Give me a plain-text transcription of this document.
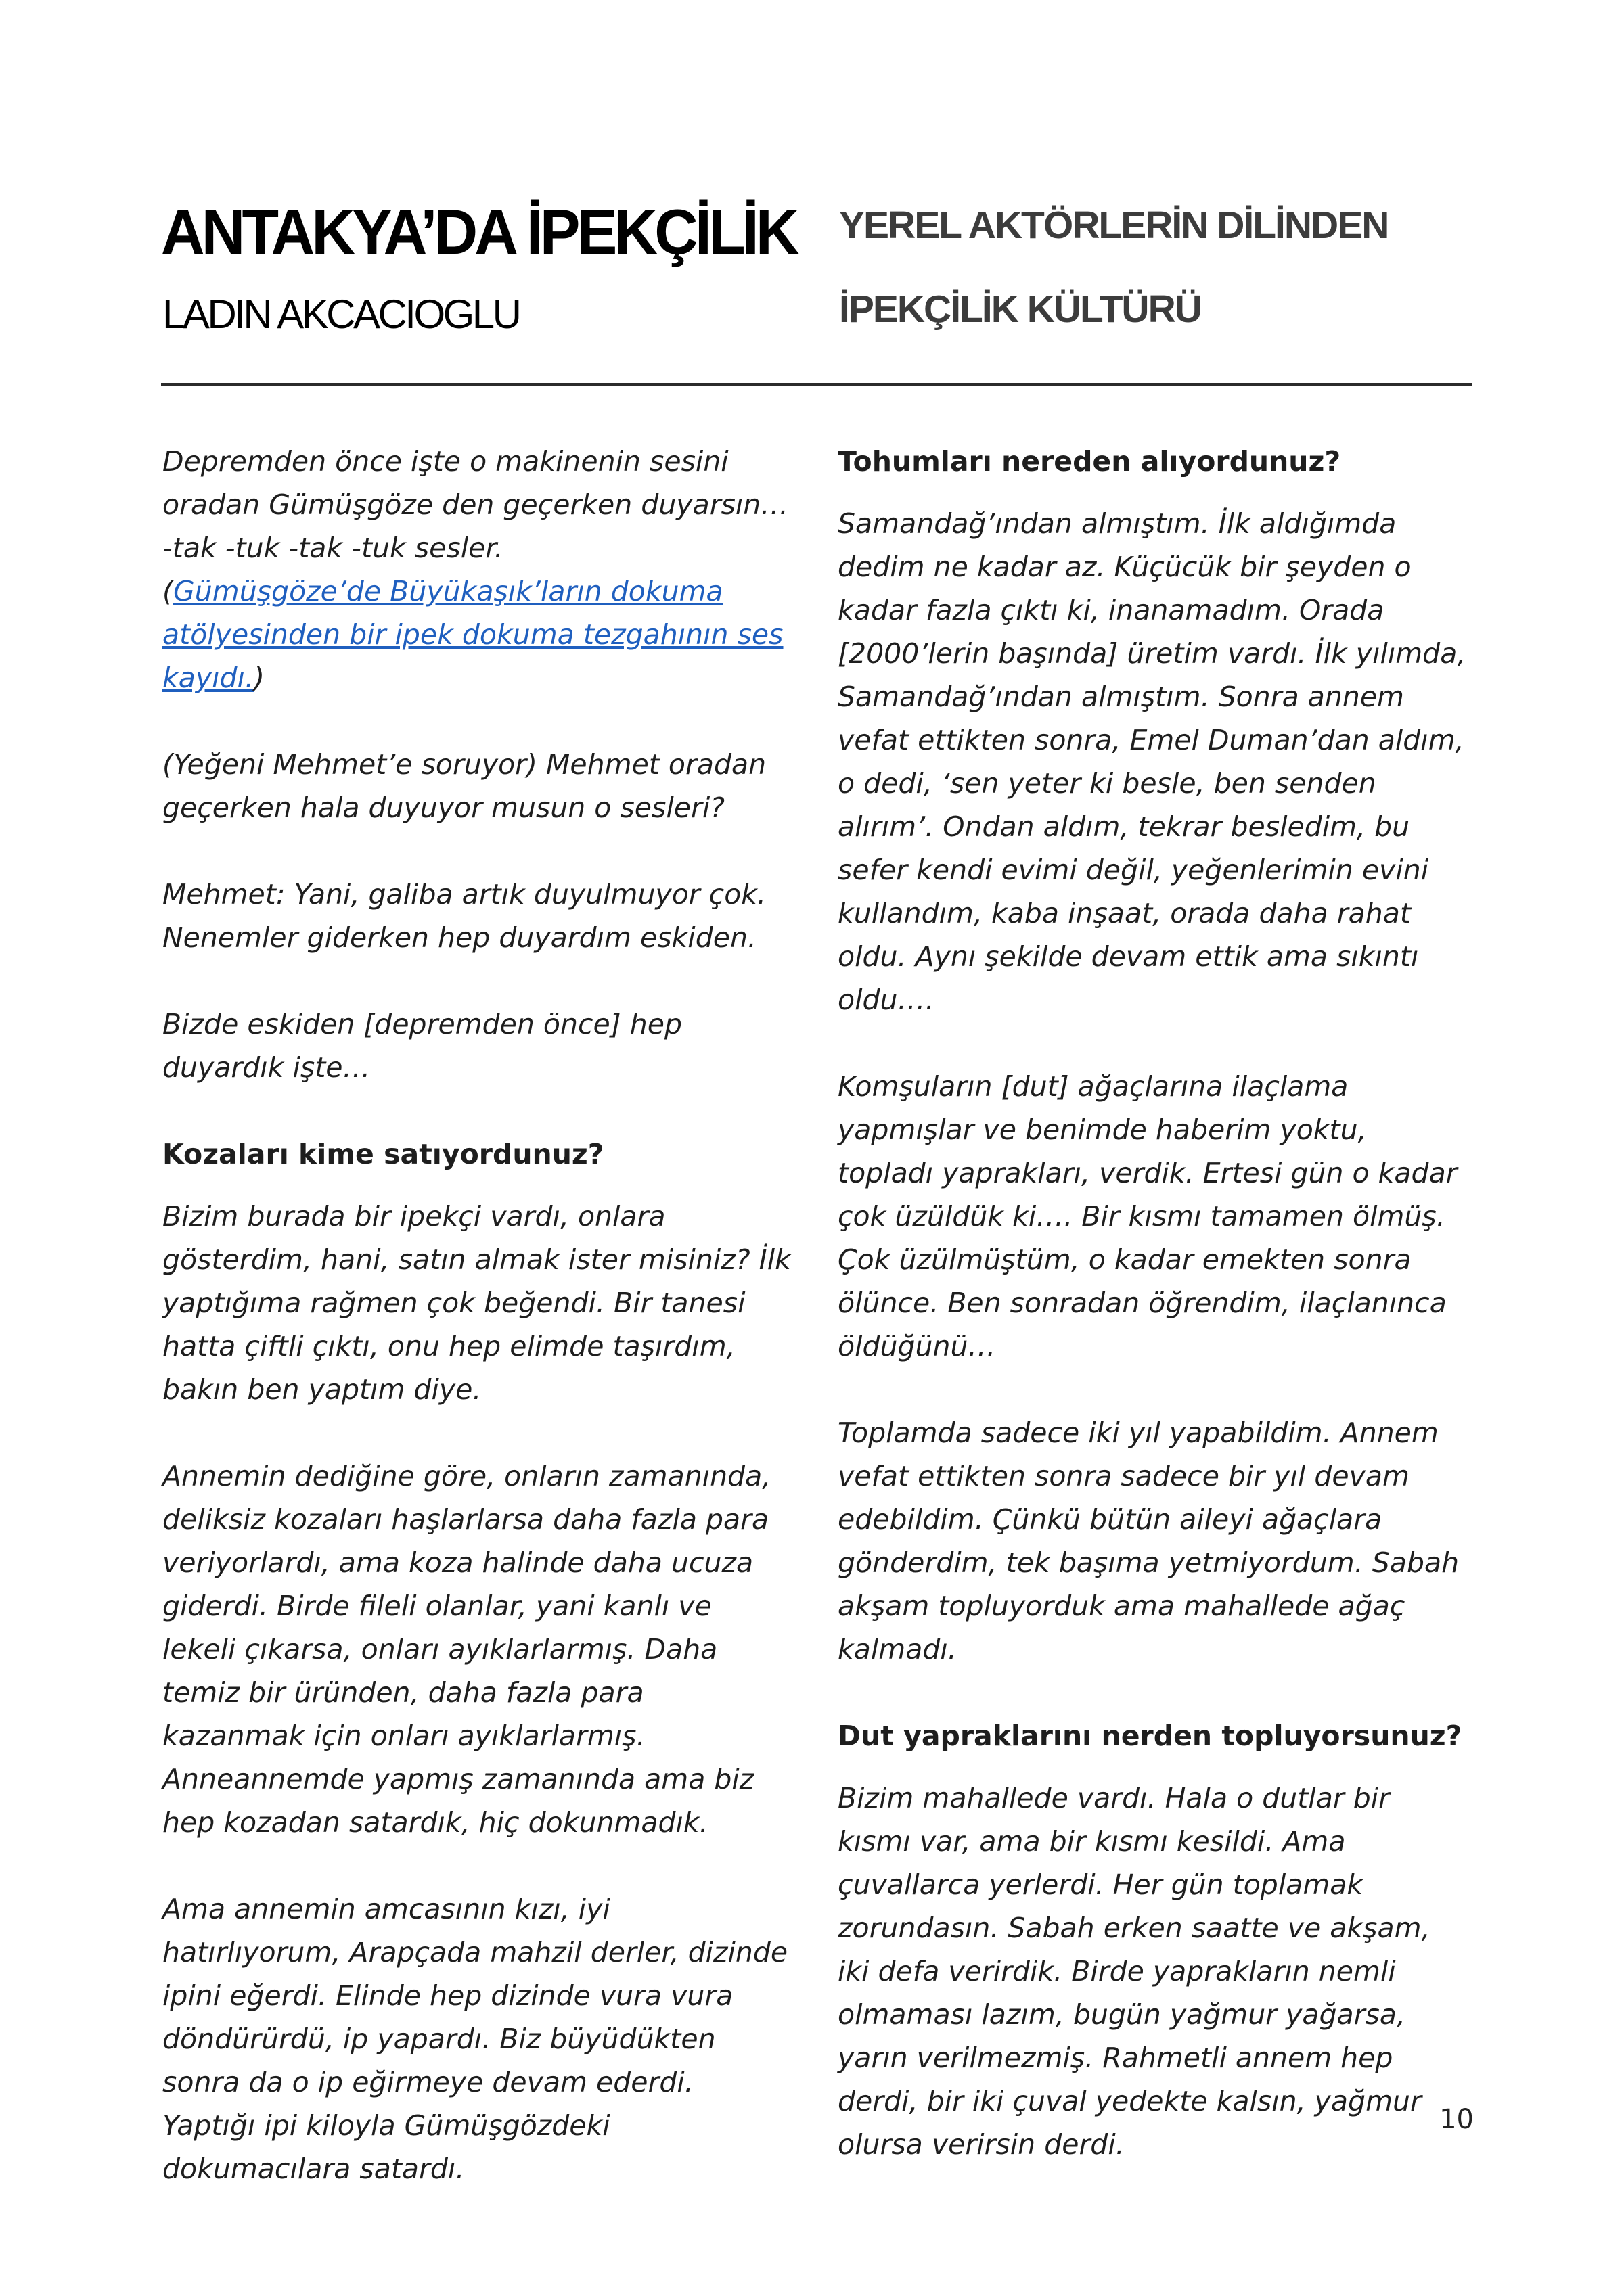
ANTAKYA’DA İPEKÇİLİK
LADIN AKCACIOGLU
YEREL AKTÖRLERİN DİLİNDEN
İPEKÇİLİK KÜLTÜRÜ

Depremden önce işte o makinenin sesini oradan Gümüşgöze den geçerken duyarsın… -tak -tuk -tak -tuk sesler.
(Gümüşgöze’de Büyükaşık’ların dokuma atölyesinden bir ipek dokuma tezgahının ses kayıdı.)

(Yeğeni Mehmet’e soruyor) Mehmet oradan geçerken hala duyuyor musun o sesleri?

Mehmet: Yani, galiba artık duyulmuyor çok. Nenemler giderken hep duyardım eskiden.

Bizde eskiden [depremden önce] hep duyardık işte…

Kozaları kime satıyordunuz?

Bizim burada bir ipekçi vardı, onlara gösterdim, hani, satın almak ister misiniz? İlk yaptığıma rağmen çok beğendi. Bir tanesi hatta çiftli çıktı, onu hep elimde taşırdım, bakın ben yaptım diye.

Annemin dediğine göre, onların zamanında, deliksiz kozaları haşlarlarsa daha fazla para veriyorlardı, ama koza halinde daha ucuza giderdi. Birde fileli olanlar, yani kanlı ve lekeli çıkarsa, onları ayıklarlarmış. Daha temiz bir üründen, daha fazla para kazanmak için onları ayıklarlarmış. Anneannemde yapmış zamanında ama biz hep kozadan satardık, hiç dokunmadık.

Ama annemin amcasının kızı, iyi hatırlıyorum, Arapçada mahzil derler, dizinde ipini eğerdi. Elinde hep dizinde vura vura döndürürdü, ip yapardı. Biz büyüdükten sonra da o ip eğirmeye devam ederdi. Yaptığı ipi kiloyla Gümüşgözdeki dokumacılara satardı.

Tohumları nereden alıyordunuz?

Samandağ’ından almıştım. İlk aldığımda dedim ne kadar az. Küçücük bir şeyden o kadar fazla çıktı ki, inanamadım. Orada [2000’lerin başında] üretim vardı. İlk yılımda, Samandağ’ından almıştım. Sonra annem vefat ettikten sonra, Emel Duman’dan aldım, o dedi, ‘sen yeter ki besle, ben senden alırım’. Ondan aldım, tekrar besledim, bu sefer kendi evimi değil, yeğenlerimin evini kullandım, kaba inşaat, orada daha rahat oldu. Aynı şekilde devam ettik ama sıkıntı oldu….

Komşuların [dut] ağaçlarına ilaçlama yapmışlar ve benimde haberim yoktu, topladı yaprakları, verdik. Ertesi gün o kadar çok üzüldük ki…. Bir kısmı tamamen ölmüş. Çok üzülmüştüm, o kadar emekten sonra ölünce. Ben sonradan öğrendim, ilaçlanınca öldüğünü…

Toplamda sadece iki yıl yapabildim. Annem vefat ettikten sonra sadece bir yıl devam edebildim. Çünkü bütün aileyi ağaçlara gönderdim, tek başıma yetmiyordum. Sabah akşam topluyorduk ama mahallede ağaç kalmadı.

Dut yapraklarını nerden topluyorsunuz?

Bizim mahallede vardı. Hala o dutlar bir kısmı var, ama bir kısmı kesildi. Ama çuvallarca yerlerdi. Her gün toplamak zorundasın. Sabah erken saatte ve akşam, iki defa verirdik. Birde yaprakların nemli olmaması lazım, bugün yağmur yağarsa, yarın verilmezmiş. Rahmetli annem hep derdi, bir iki çuval yedekte kalsın, yağmur olursa verirsin derdi.

10
